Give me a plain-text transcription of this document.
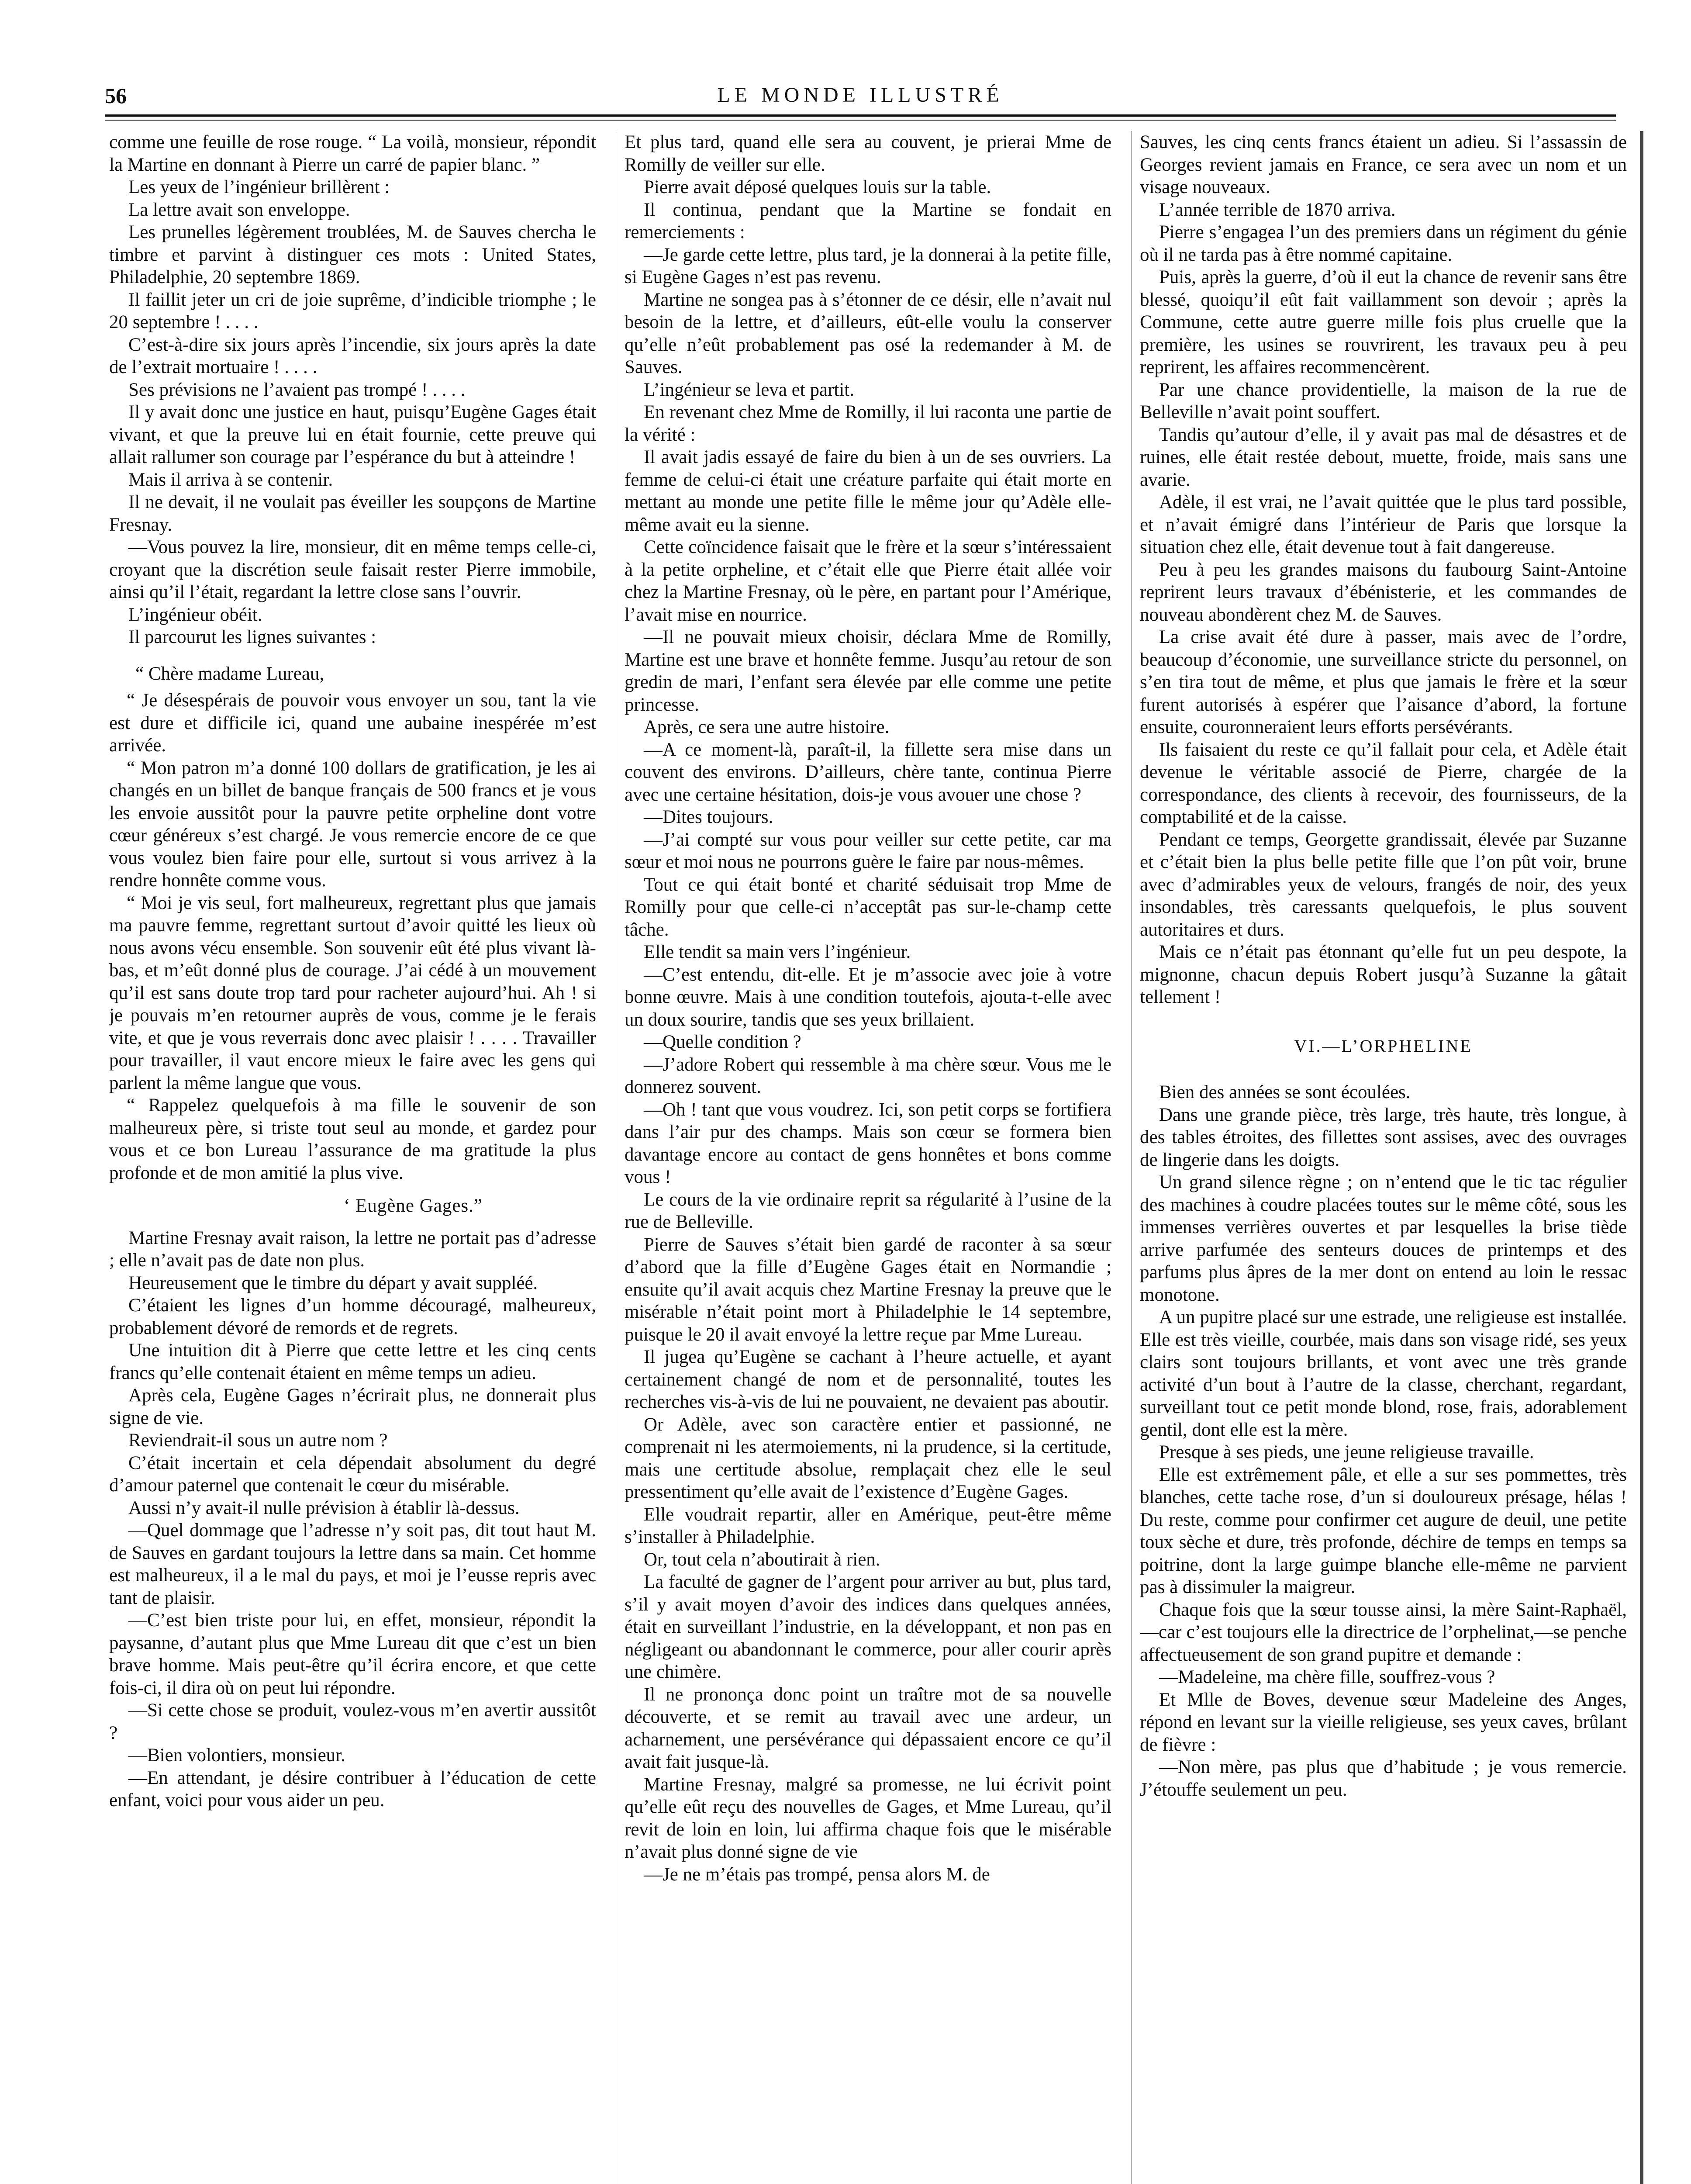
56	LE MONDE ILLUSTRÉ

comme une feuille de rose rouge. “ La voilà, monsieur, répondit la Martine en donnant à Pierre un carré de papier blanc. ”

Les yeux de l’ingénieur brillèrent :

La lettre avait son enveloppe.

Les prunelles légèrement troublées, M. de Sauves chercha le timbre et parvint à distinguer ces mots : United States, Philadelphie, 20 septembre 1869.

Il faillit jeter un cri de joie suprême, d’indicible triomphe ; le 20 septembre ! . . . .

C’est-à-dire six jours après l’incendie, six jours après la date de l’extrait mortuaire ! . . . .

Ses prévisions ne l’avaient pas trompé ! . . . .

Il y avait donc une justice en haut, puisqu’Eugène Gages était vivant, et que la preuve lui en était fournie, cette preuve qui allait rallumer son courage par l’espérance du but à atteindre !

Mais il arriva à se contenir.

Il ne devait, il ne voulait pas éveiller les soupçons de Martine Fresnay.

—Vous pouvez la lire, monsieur, dit en même temps celle-ci, croyant que la discrétion seule faisait rester Pierre immobile, ainsi qu’il l’était, regardant la lettre close sans l’ouvrir.

L’ingénieur obéit.

Il parcourut les lignes suivantes :

“ Chère madame Lureau,

“ Je désespérais de pouvoir vous envoyer un sou, tant la vie est dure et difficile ici, quand une aubaine inespérée m’est arrivée.

“ Mon patron m’a donné 100 dollars de gratification, je les ai changés en un billet de banque français de 500 francs et je vous les envoie aussitôt pour la pauvre petite orpheline dont votre cœur généreux s’est chargé. Je vous remercie encore de ce que vous voulez bien faire pour elle, surtout si vous arrivez à la rendre honnête comme vous.

“ Moi je vis seul, fort malheureux, regrettant plus que jamais ma pauvre femme, regrettant surtout d’avoir quitté les lieux où nous avons vécu ensemble. Son souvenir eût été plus vivant là-bas, et m’eût donné plus de courage. J’ai cédé à un mouvement qu’il est sans doute trop tard pour racheter aujourd’hui. Ah ! si je pouvais m’en retourner auprès de vous, comme je le ferais vite, et que je vous reverrais donc avec plaisir ! . . . . Travailler pour travailler, il vaut encore mieux le faire avec les gens qui parlent la même langue que vous.

“ Rappelez quelquefois à ma fille le souvenir de son malheureux père, si triste tout seul au monde, et gardez pour vous et ce bon Lureau l’assurance de ma gratitude la plus profonde et de mon amitié la plus vive.

‘ Eugène Gages.”

Martine Fresnay avait raison, la lettre ne portait pas d’adresse ; elle n’avait pas de date non plus.

Heureusement que le timbre du départ y avait suppléé.

C’étaient les lignes d’un homme découragé, malheureux, probablement dévoré de remords et de regrets.

Une intuition dit à Pierre que cette lettre et les cinq cents francs qu’elle contenait étaient en même temps un adieu.

Après cela, Eugène Gages n’écrirait plus, ne donnerait plus signe de vie.

Reviendrait-il sous un autre nom ?

C’était incertain et cela dépendait absolument du degré d’amour paternel que contenait le cœur du misérable.

Aussi n’y avait-il nulle prévision à établir là-dessus.

—Quel dommage que l’adresse n’y soit pas, dit tout haut M. de Sauves en gardant toujours la lettre dans sa main. Cet homme est malheureux, il a le mal du pays, et moi je l’eusse repris avec tant de plaisir.

—C’est bien triste pour lui, en effet, monsieur, répondit la paysanne, d’autant plus que Mme Lureau dit que c’est un bien brave homme. Mais peut-être qu’il écrira encore, et que cette fois-ci, il dira où on peut lui répondre.

—Si cette chose se produit, voulez-vous m’en avertir aussitôt ?

—Bien volontiers, monsieur.

—En attendant, je désire contribuer à l’éducation de cette enfant, voici pour vous aider un peu.

Et plus tard, quand elle sera au couvent, je prierai Mme de Romilly de veiller sur elle.

Pierre avait déposé quelques louis sur la table.

Il continua, pendant que la Martine se fondait en remerciements :

—Je garde cette lettre, plus tard, je la donnerai à la petite fille, si Eugène Gages n’est pas revenu.

Martine ne songea pas à s’étonner de ce désir, elle n’avait nul besoin de la lettre, et d’ailleurs, eût-elle voulu la conserver qu’elle n’eût probablement pas osé la redemander à M. de Sauves.

L’ingénieur se leva et partit.

En revenant chez Mme de Romilly, il lui raconta une partie de la vérité :

Il avait jadis essayé de faire du bien à un de ses ouvriers. La femme de celui-ci était une créature parfaite qui était morte en mettant au monde une petite fille le même jour qu’Adèle elle-même avait eu la sienne.

Cette coïncidence faisait que le frère et la sœur s’intéressaient à la petite orpheline, et c’était elle que Pierre était allée voir chez la Martine Fresnay, où le père, en partant pour l’Amérique, l’avait mise en nourrice.

—Il ne pouvait mieux choisir, déclara Mme de Romilly, Martine est une brave et honnête femme. Jusqu’au retour de son gredin de mari, l’enfant sera élevée par elle comme une petite princesse.

Après, ce sera une autre histoire.

—A ce moment-là, paraît-il, la fillette sera mise dans un couvent des environs. D’ailleurs, chère tante, continua Pierre avec une certaine hésitation, dois-je vous avouer une chose ?

—Dites toujours.

—J’ai compté sur vous pour veiller sur cette petite, car ma sœur et moi nous ne pourrons guère le faire par nous-mêmes.

Tout ce qui était bonté et charité séduisait trop Mme de Romilly pour que celle-ci n’acceptât pas sur-le-champ cette tâche.

Elle tendit sa main vers l’ingénieur.

—C’est entendu, dit-elle. Et je m’associe avec joie à votre bonne œuvre. Mais à une condition toutefois, ajouta-t-elle avec un doux sourire, tandis que ses yeux brillaient.

—Quelle condition ?

—J’adore Robert qui ressemble à ma chère sœur. Vous me le donnerez souvent.

—Oh ! tant que vous voudrez. Ici, son petit corps se fortifiera dans l’air pur des champs. Mais son cœur se formera bien davantage encore au contact de gens honnêtes et bons comme vous !

Le cours de la vie ordinaire reprit sa régularité à l’usine de la rue de Belleville.

Pierre de Sauves s’était bien gardé de raconter à sa sœur d’abord que la fille d’Eugène Gages était en Normandie ; ensuite qu’il avait acquis chez Martine Fresnay la preuve que le misérable n’était point mort à Philadelphie le 14 septembre, puisque le 20 il avait envoyé la lettre reçue par Mme Lureau.

Il jugea qu’Eugène se cachant à l’heure actuelle, et ayant certainement changé de nom et de personnalité, toutes les recherches vis-à-vis de lui ne pouvaient, ne devaient pas aboutir.

Or Adèle, avec son caractère entier et passionné, ne comprenait ni les atermoiements, ni la prudence, si la certitude, mais une certitude absolue, remplaçait chez elle le seul pressentiment qu’elle avait de l’existence d’Eugène Gages.

Elle voudrait repartir, aller en Amérique, peut-être même s’installer à Philadelphie.

Or, tout cela n’aboutirait à rien.

La faculté de gagner de l’argent pour arriver au but, plus tard, s’il y avait moyen d’avoir des indices dans quelques années, était en surveillant l’industrie, en la développant, et non pas en négligeant ou abandonnant le commerce, pour aller courir après une chimère.

Il ne prononça donc point un traître mot de sa nouvelle découverte, et se remit au travail avec une ardeur, un acharnement, une persévérance qui dépassaient encore ce qu’il avait fait jusque-là.

Martine Fresnay, malgré sa promesse, ne lui écrivit point qu’elle eût reçu des nouvelles de Gages, et Mme Lureau, qu’il revit de loin en loin, lui affirma chaque fois que le misérable n’avait plus donné signe de vie

—Je ne m’étais pas trompé, pensa alors M. de

Sauves, les cinq cents francs étaient un adieu. Si l’assassin de Georges revient jamais en France, ce sera avec un nom et un visage nouveaux.

L’année terrible de 1870 arriva.

Pierre s’engagea l’un des premiers dans un régiment du génie où il ne tarda pas à être nommé capitaine.

Puis, après la guerre, d’où il eut la chance de revenir sans être blessé, quoiqu’il eût fait vaillamment son devoir ; après la Commune, cette autre guerre mille fois plus cruelle que la première, les usines se rouvrirent, les travaux peu à peu reprirent, les affaires recommencèrent.

Par une chance providentielle, la maison de la rue de Belleville n’avait point souffert.

Tandis qu’autour d’elle, il y avait pas mal de désastres et de ruines, elle était restée debout, muette, froide, mais sans une avarie.

Adèle, il est vrai, ne l’avait quittée que le plus tard possible, et n’avait émigré dans l’intérieur de Paris que lorsque la situation chez elle, était devenue tout à fait dangereuse.

Peu à peu les grandes maisons du faubourg Saint-Antoine reprirent leurs travaux d’ébénisterie, et les commandes de nouveau abondèrent chez M. de Sauves.

La crise avait été dure à passer, mais avec de l’ordre, beaucoup d’économie, une surveillance stricte du personnel, on s’en tira tout de même, et plus que jamais le frère et la sœur furent autorisés à espérer que l’aisance d’abord, la fortune ensuite, couronneraient leurs efforts persévérants.

Ils faisaient du reste ce qu’il fallait pour cela, et Adèle était devenue le véritable associé de Pierre, chargée de la correspondance, des clients à recevoir, des fournisseurs, de la comptabilité et de la caisse.

Pendant ce temps, Georgette grandissait, élevée par Suzanne et c’était bien la plus belle petite fille que l’on pût voir, brune avec d’admirables yeux de velours, frangés de noir, des yeux insondables, très caressants quelquefois, le plus souvent autoritaires et durs.

Mais ce n’était pas étonnant qu’elle fut un peu despote, la mignonne, chacun depuis Robert jusqu’à Suzanne la gâtait tellement !

VI.—L’ORPHELINE

Bien des années se sont écoulées.

Dans une grande pièce, très large, très haute, très longue, à des tables étroites, des fillettes sont assises, avec des ouvrages de lingerie dans les doigts.

Un grand silence règne ; on n’entend que le tic tac régulier des machines à coudre placées toutes sur le même côté, sous les immenses verrières ouvertes et par lesquelles la brise tiède arrive parfumée des senteurs douces de printemps et des parfums plus âpres de la mer dont on entend au loin le ressac monotone.

A un pupitre placé sur une estrade, une religieuse est installée. Elle est très vieille, courbée, mais dans son visage ridé, ses yeux clairs sont toujours brillants, et vont avec une très grande activité d’un bout à l’autre de la classe, cherchant, regardant, surveillant tout ce petit monde blond, rose, frais, adorablement gentil, dont elle est la mère.

Presque à ses pieds, une jeune religieuse travaille.

Elle est extrêmement pâle, et elle a sur ses pommettes, très blanches, cette tache rose, d’un si douloureux présage, hélas ! Du reste, comme pour confirmer cet augure de deuil, une petite toux sèche et dure, très profonde, déchire de temps en temps sa poitrine, dont la large guimpe blanche elle-même ne parvient pas à dissimuler la maigreur.

Chaque fois que la sœur tousse ainsi, la mère Saint-Raphaël,—car c’est toujours elle la directrice de l’orphelinat,—se penche affectueusement de son grand pupitre et demande :

—Madeleine, ma chère fille, souffrez-vous ?

Et Mlle de Boves, devenue sœur Madeleine des Anges, répond en levant sur la vieille religieuse, ses yeux caves, brûlant de fièvre :

—Non mère, pas plus que d’habitude ; je vous remercie. J’étouffe seulement un peu.
